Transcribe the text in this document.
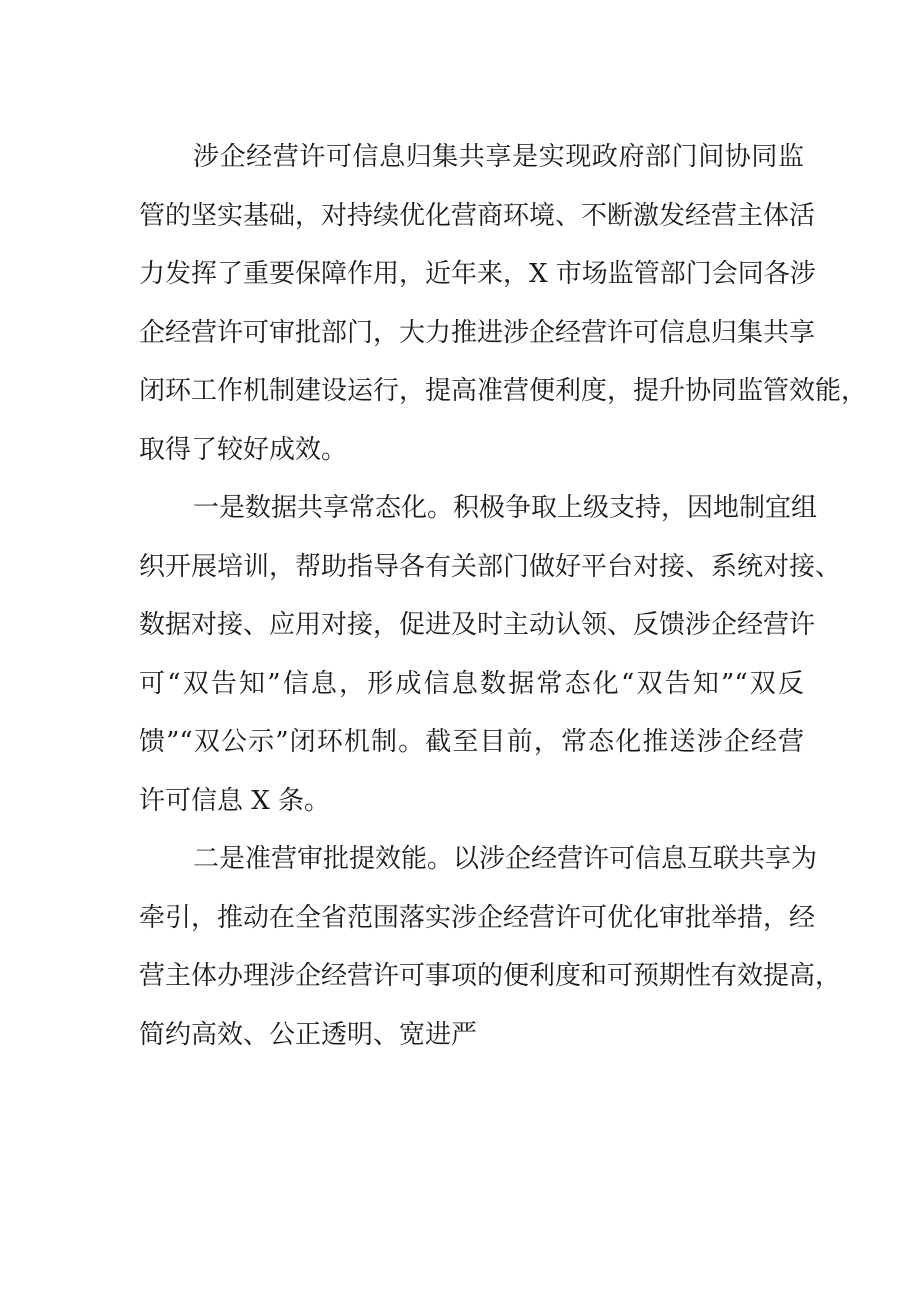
涉企经营许可信息归集共享是实现政府部门间协同监
管的坚实基础，对持续优化营商环境、不断激发经营主体活
力发挥了重要保障作用，近年来，X 市场监管部门会同各涉
企经营许可审批部门，大力推进涉企经营许可信息归集共享
闭环工作机制建设运行，提高准营便利度，提升协同监管效能，
取得了较好成效。
一是数据共享常态化。积极争取上级支持，因地制宜组
织开展培训，帮助指导各有关部门做好平台对接、系统对接、
数据对接、应用对接，促进及时主动认领、反馈涉企经营许
可“双告知”信息，形成信息数据常态化“双告知”“双反
馈”“双公示”闭环机制。截至目前，常态化推送涉企经营
许可信息 X 条。
二是准营审批提效能。以涉企经营许可信息互联共享为
牵引，推动在全省范围落实涉企经营许可优化审批举措，经
营主体办理涉企经营许可事项的便利度和可预期性有效提高，
简约高效、公正透明、宽进严
